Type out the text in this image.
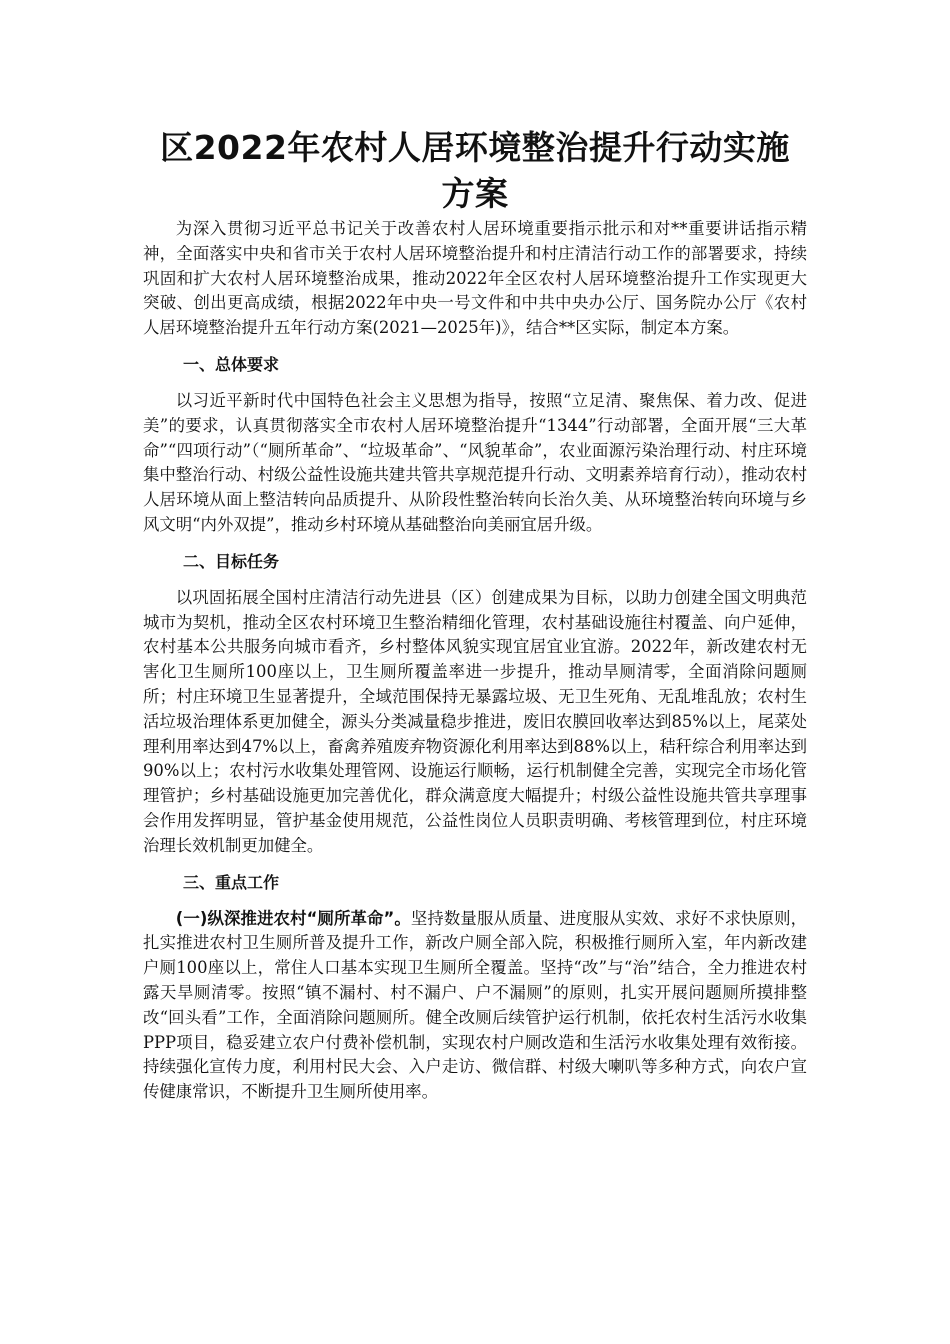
区2022年农村人居环境整治提升行动实施
方案

为深入贯彻习近平总书记关于改善农村人居环境重要指示批示和对**重要讲话指示精神，全面落实中央和省市关于农村人居环境整治提升和村庄清洁行动工作的部署要求，持续巩固和扩大农村人居环境整治成果，推动2022年全区农村人居环境整治提升工作实现更大突破、创出更高成绩，根据2022年中央一号文件和中共中央办公厅、国务院办公厅《农村人居环境整治提升五年行动方案(2021—2025年)》，结合**区实际，制定本方案。

一、总体要求

以习近平新时代中国特色社会主义思想为指导，按照“立足清、聚焦保、着力改、促进美”的要求，认真贯彻落实全市农村人居环境整治提升“1344”行动部署，全面开展“三大革命”“四项行动”（“厕所革命”、“垃圾革命”、“风貌革命”，农业面源污染治理行动、村庄环境集中整治行动、村级公益性设施共建共管共享规范提升行动、文明素养培育行动），推动农村人居环境从面上整洁转向品质提升、从阶段性整治转向长治久美、从环境整治转向环境与乡风文明“内外双提”，推动乡村环境从基础整治向美丽宜居升级。

二、目标任务

以巩固拓展全国村庄清洁行动先进县（区）创建成果为目标，以助力创建全国文明典范城市为契机，推动全区农村环境卫生整治精细化管理，农村基础设施往村覆盖、向户延伸，农村基本公共服务向城市看齐，乡村整体风貌实现宜居宜业宜游。2022年，新改建农村无害化卫生厕所100座以上，卫生厕所覆盖率进一步提升，推动旱厕清零，全面消除问题厕所；村庄环境卫生显著提升，全域范围保持无暴露垃圾、无卫生死角、无乱堆乱放；农村生活垃圾治理体系更加健全，源头分类减量稳步推进，废旧农膜回收率达到85%以上，尾菜处理利用率达到47%以上，畜禽养殖废弃物资源化利用率达到88%以上，秸秆综合利用率达到90%以上；农村污水收集处理管网、设施运行顺畅，运行机制健全完善，实现完全市场化管理管护；乡村基础设施更加完善优化，群众满意度大幅提升；村级公益性设施共管共享理事会作用发挥明显，管护基金使用规范，公益性岗位人员职责明确、考核管理到位，村庄环境治理长效机制更加健全。

三、重点工作

(一)纵深推进农村“厕所革命”。坚持数量服从质量、进度服从实效、求好不求快原则，扎实推进农村卫生厕所普及提升工作，新改户厕全部入院，积极推行厕所入室，年内新改建户厕100座以上，常住人口基本实现卫生厕所全覆盖。坚持“改”与“治”结合，全力推进农村露天旱厕清零。按照“镇不漏村、村不漏户、户不漏厕”的原则，扎实开展问题厕所摸排整改“回头看”工作，全面消除问题厕所。健全改厕后续管护运行机制，依托农村生活污水收集PPP项目，稳妥建立农户付费补偿机制，实现农村户厕改造和生活污水收集处理有效衔接。持续强化宣传力度，利用村民大会、入户走访、微信群、村级大喇叭等多种方式，向农户宣传健康常识，不断提升卫生厕所使用率。
